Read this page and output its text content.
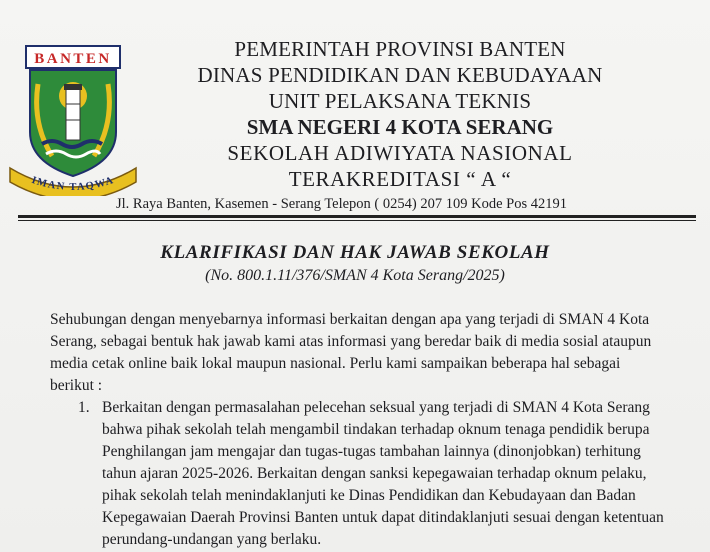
BANTEN
IMAN TAQWA
PEMERINTAH PROVINSI BANTEN
DINAS PENDIDIKAN DAN KEBUDAYAAN
UNIT PELAKSANA TEKNIS
SMA NEGERI 4 KOTA SERANG
SEKOLAH ADIWIYATA NASIONAL
TERAKREDITASI “ A “
Jl. Raya Banten, Kasemen - Serang Telepon ( 0254) 207 109 Kode Pos 42191
KLARIFIKASI DAN HAK JAWAB SEKOLAH
(No. 800.1.11/376/SMAN 4 Kota Serang/2025)
Sehubungan dengan menyebarnya informasi berkaitan dengan apa yang terjadi di SMAN 4 Kota
Serang, sebagai bentuk hak jawab kami atas informasi yang beredar baik di media sosial ataupun
media cetak online baik lokal maupun nasional. Perlu kami sampaikan beberapa hal sebagai
berikut :
1. Berkaitan dengan permasalahan pelecehan seksual yang terjadi di SMAN 4 Kota Serang
bahwa pihak sekolah telah mengambil tindakan terhadap oknum tenaga pendidik berupa
Penghilangan jam mengajar dan tugas-tugas tambahan lainnya (dinonjobkan) terhitung
tahun ajaran 2025-2026. Berkaitan dengan sanksi kepegawaian terhadap oknum pelaku,
pihak sekolah telah menindaklanjuti ke Dinas Pendidikan dan Kebudayaan dan Badan
Kepegawaian Daerah Provinsi Banten untuk dapat ditindaklanjuti sesuai dengan ketentuan
perundang-undangan yang berlaku.
